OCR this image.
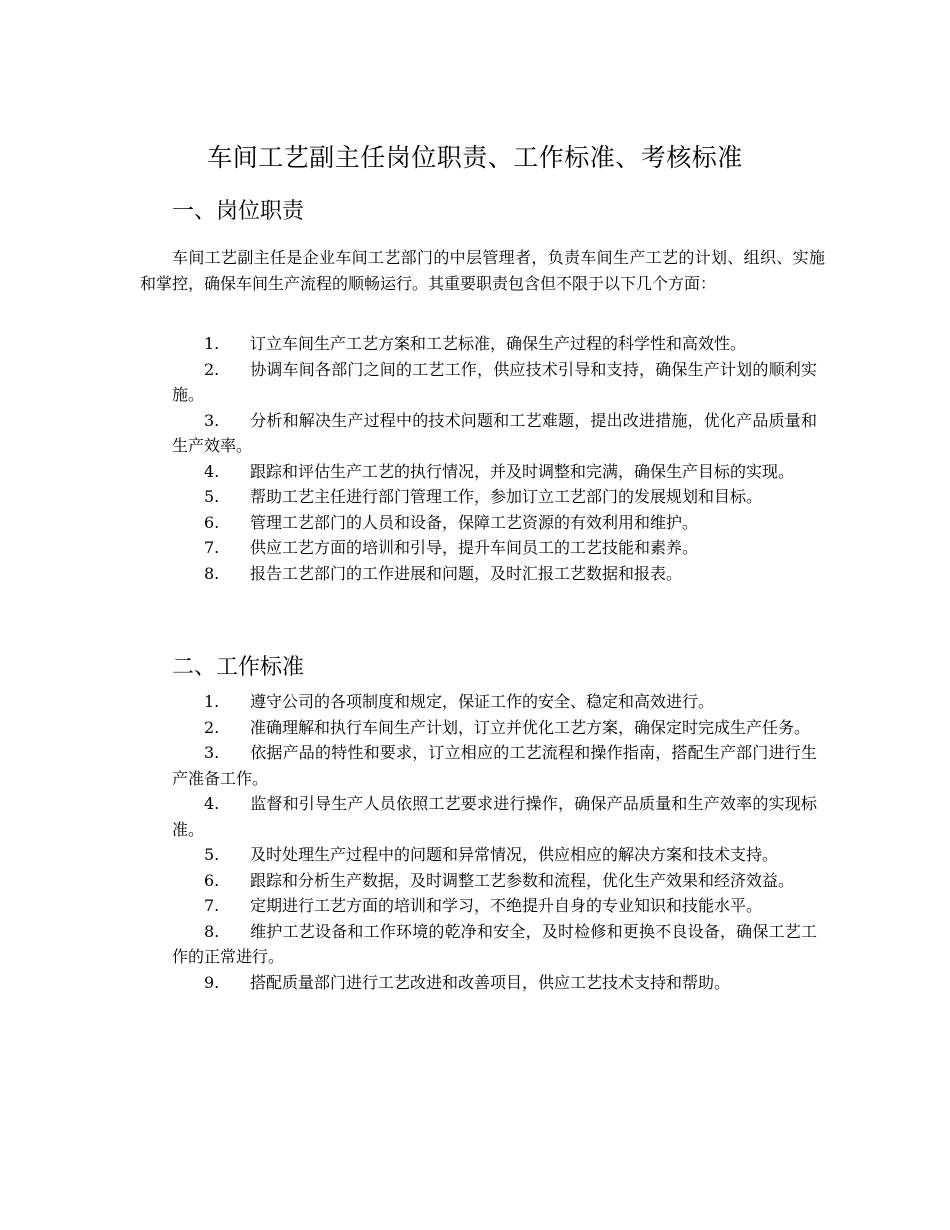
车间工艺副主任岗位职责、工作标准、考核标准
一、岗位职责
车间工艺副主任是企业车间工艺部门的中层管理者，负责车间生产工艺的计划、组织、实施和掌控，确保车间生产流程的顺畅运行。其重要职责包含但不限于以下几个方面：
1. 订立车间生产工艺方案和工艺标准，确保生产过程的科学性和高效性。
2. 协调车间各部门之间的工艺工作，供应技术引导和支持，确保生产计划的顺利实施。
3. 分析和解决生产过程中的技术问题和工艺难题，提出改进措施，优化产品质量和生产效率。
4. 跟踪和评估生产工艺的执行情况，并及时调整和完满，确保生产目标的实现。
5. 帮助工艺主任进行部门管理工作，参加订立工艺部门的发展规划和目标。
6. 管理工艺部门的人员和设备，保障工艺资源的有效利用和维护。
7. 供应工艺方面的培训和引导，提升车间员工的工艺技能和素养。
8. 报告工艺部门的工作进展和问题，及时汇报工艺数据和报表。
二、工作标准
1. 遵守公司的各项制度和规定，保证工作的安全、稳定和高效进行。
2. 准确理解和执行车间生产计划，订立并优化工艺方案，确保定时完成生产任务。
3. 依据产品的特性和要求，订立相应的工艺流程和操作指南，搭配生产部门进行生产准备工作。
4. 监督和引导生产人员依照工艺要求进行操作，确保产品质量和生产效率的实现标准。
5. 及时处理生产过程中的问题和异常情况，供应相应的解决方案和技术支持。
6. 跟踪和分析生产数据，及时调整工艺参数和流程，优化生产效果和经济效益。
7. 定期进行工艺方面的培训和学习，不绝提升自身的专业知识和技能水平。
8. 维护工艺设备和工作环境的乾净和安全，及时检修和更换不良设备，确保工艺工作的正常进行。
9. 搭配质量部门进行工艺改进和改善项目，供应工艺技术支持和帮助。
